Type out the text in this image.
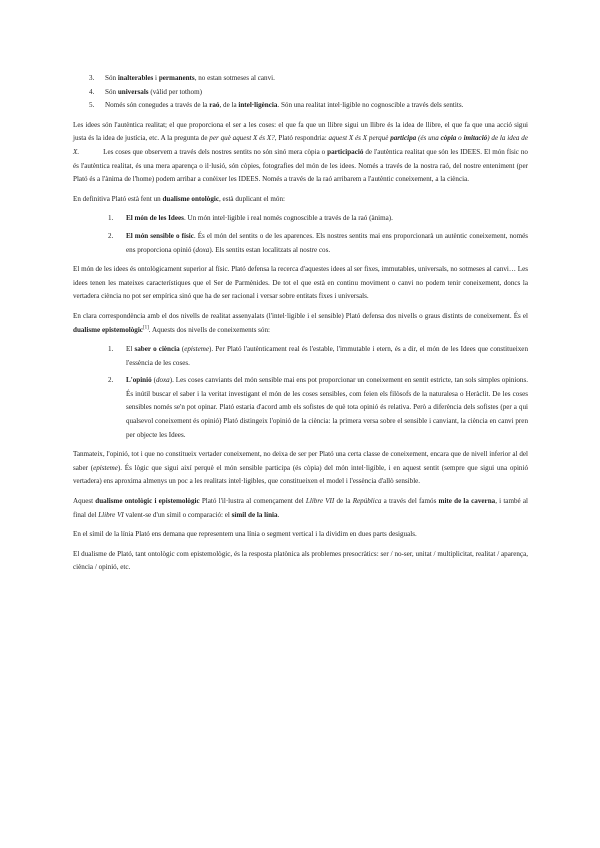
3. Són inalterables i permanents, no estan sotmeses al canvi.
4. Són universals (vàlid per tothom)
5. Només són conegudes a través de la raó, de la intel·ligència. Són una realitat intel·ligible no cognoscible a través dels sentits.

Les idees són l'autèntica realitat; el que proporciona el ser a les coses: el que fa que un llibre sigui un llibre és la idea de llibre, el que fa que una acció sigui justa és la idea de justícia, etc. A la pregunta de per què aquest X és X?, Plató respondria: aquest X és X perquè participa (és una còpia o imitació) de la idea de X.	Les coses que observem a través dels nostres sentits no són sinó mera còpia o participació de l'autèntica realitat que són les IDEES. El món físic no és l'autèntica realitat, és una mera aparença o il·lusió, són còpies, fotografies del món de les idees. Només a través de la nostra raó, del nostre enteniment (per Plató és a l'ànima de l'home) podem arribar a conèixer les IDEES. Només a través de la raó arribarem a l'autèntic coneixement, a la ciència.

En definitiva Plató està fent un dualisme ontològic, està duplicant el món:

1. El món de les Idees. Un món intel·ligible i real només cognoscible a través de la raó (ànima).
2. El món sensible o físic. És el món del sentits o de les aparences. Els nostres sentits mai ens proporcionarà un autèntic coneixement, només ens proporciona opinió (doxa). Els sentits estan localitzats al nostre cos.

El món de les idees és ontològicament superior al físic. Plató defensa la recerca d'aquestes idees al ser fixes, immutables, universals, no sotmeses al canvi… Les idees tenen les mateixes característiques que el Ser de Parmènides. De tot el que està en continu moviment o canvi no podem tenir coneixement, doncs la vertadera ciència no pot ser empírica sinó que ha de ser racional i versar sobre entitats fixes i universals.

En clara correspondència amb el dos nivells de realitat assenyalats (l'intel·ligible i el sensible) Plató defensa dos nivells o graus distints de coneixement. És el dualisme epistemològic[1]. Aquests dos nivells de coneixements són:

1. El saber o ciència (episteme). Per Plató l'autènticament real és l'estable, l'immutable i etern, és a dir, el món de les Idees que constitueixen l'essència de les coses.
2. L'opinió (doxa). Les coses canviants del món sensible mai ens pot proporcionar un coneixement en sentit estricte, tan sols simples opinions. És inútil buscar el saber i la veritat investigant el món de les coses sensibles, com feien els filòsofs de la naturalesa o Heràclit. De les coses sensibles només se'n pot opinar. Plató estaria d'acord amb els sofistes de què tota opinió és relativa. Però a diferència dels sofistes (per a qui qualsevol coneixement és opinió) Plató distingeix l'opinió de la ciència: la primera versa sobre el sensible i canviant, la ciència en canvi pren per objecte les Idees.

Tanmateix, l'opinió, tot i que no constitueix vertader coneixement, no deixa de ser per Plató una certa classe de coneixement, encara que de nivell inferior al del saber (episteme). És lògic que sigui així perquè el món sensible participa (és còpia) del món intel·ligible, i en aquest sentit (sempre que sigui una opinió vertadera) ens aproxima almenys un poc a les realitats intel·ligibles, que constitueixen el model i l'essència d'allò sensible.

Aquest dualisme ontològic i epistemològic Plató l'il·lustra al començament del Llibre VII de la República a través del famós mite de la caverna, i també al final del Llibre VI valent-se d'un símil o comparació: el símil de la línia.

En el símil de la línia Plató ens demana que representem una línia o segment vertical i la dividim en dues parts desiguals.

El dualisme de Plató, tant ontològic com epistemològic, és la resposta platònica als problemes presocràtics: ser / no-ser, unitat / multiplicitat, realitat / aparença, ciència / opinió, etc.
